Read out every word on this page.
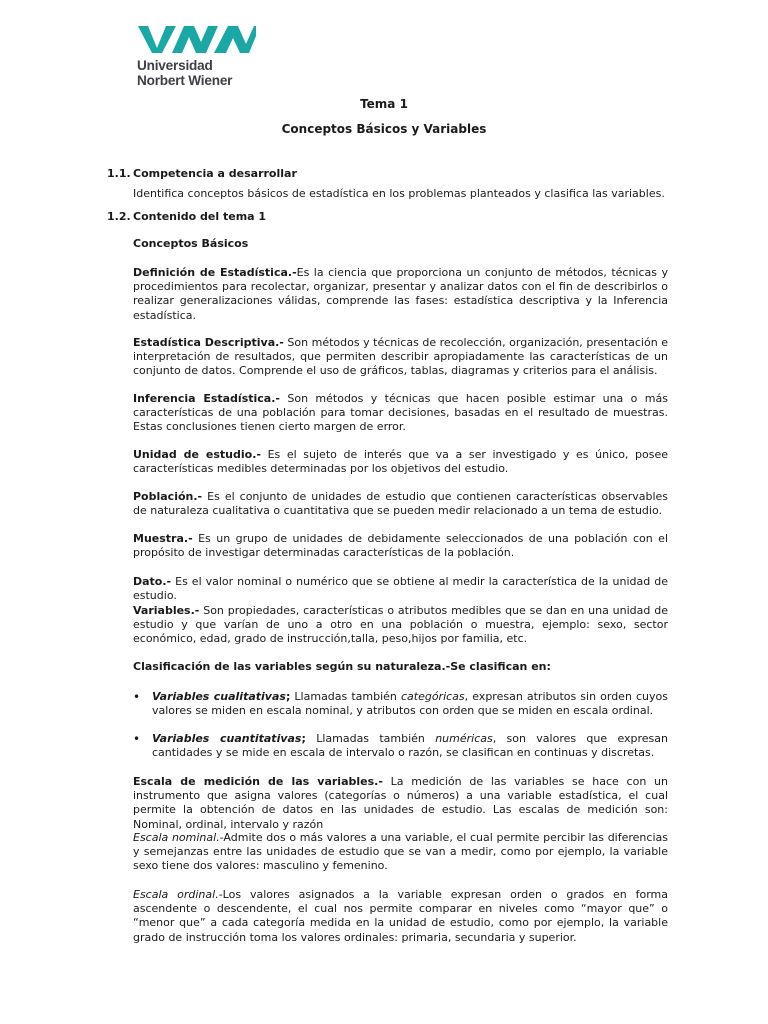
Universidad
Norbert Wiener
Tema 1
Conceptos Básicos y Variables
1.1. Competencia a desarrollar
Identifica conceptos básicos de estadística en los problemas planteados y clasifica las variables.
1.2. Contenido del tema 1
Conceptos Básicos
Definición de Estadística.-Es la ciencia que proporciona un conjunto de métodos, técnicas y procedimientos para recolectar, organizar, presentar y analizar datos con el fin de describirlos o realizar generalizaciones válidas, comprende las fases: estadística descriptiva y la Inferencia estadística.
Estadística Descriptiva.- Son métodos y técnicas de recolección, organización, presentación e interpretación de resultados, que permiten describir apropiadamente las características de un conjunto de datos. Comprende el uso de gráficos, tablas, diagramas y criterios para el análisis.
Inferencia Estadística.- Son métodos y técnicas que hacen posible estimar una o más características de una población para tomar decisiones, basadas en el resultado de muestras. Estas conclusiones tienen cierto margen de error.
Unidad de estudio.- Es el sujeto de interés que va a ser investigado y es único, posee características medibles determinadas por los objetivos del estudio.
Población.- Es el conjunto de unidades de estudio que contienen características observables de naturaleza cualitativa o cuantitativa que se pueden medir relacionado a un tema de estudio.
Muestra.- Es un grupo de unidades de debidamente seleccionados de una población con el propósito de investigar determinadas características de la población.
Dato.- Es el valor nominal o numérico que se obtiene al medir la característica de la unidad de estudio.
Variables.- Son propiedades, características o atributos medibles que se dan en una unidad de estudio y que varían de uno a otro en una población o muestra, ejemplo: sexo, sector económico, edad, grado de instrucción,talla, peso,hijos por familia, etc.
Clasificación de las variables según su naturaleza.-Se clasifican en:
• Variables cualitativas; Llamadas también categóricas, expresan atributos sin orden cuyos valores se miden en escala nominal, y atributos con orden que se miden en escala ordinal.
• Variables cuantitativas; Llamadas también numéricas, son valores que expresan cantidades y se mide en escala de intervalo o razón, se clasifican en continuas y discretas.
Escala de medición de las variables.- La medición de las variables se hace con un instrumento que asigna valores (categorías o números) a una variable estadística, el cual permite la obtención de datos en las unidades de estudio. Las escalas de medición son: Nominal, ordinal, intervalo y razón
Escala nominal.-Admite dos o más valores a una variable, el cual permite percibir las diferencias y semejanzas entre las unidades de estudio que se van a medir, como por ejemplo, la variable sexo tiene dos valores: masculino y femenino.
Escala ordinal.-Los valores asignados a la variable expresan orden o grados en forma ascendente o descendente, el cual nos permite comparar en niveles como “mayor que” o “menor que” a cada categoría medida en la unidad de estudio, como por ejemplo, la variable grado de instrucción toma los valores ordinales: primaria, secundaria y superior.
